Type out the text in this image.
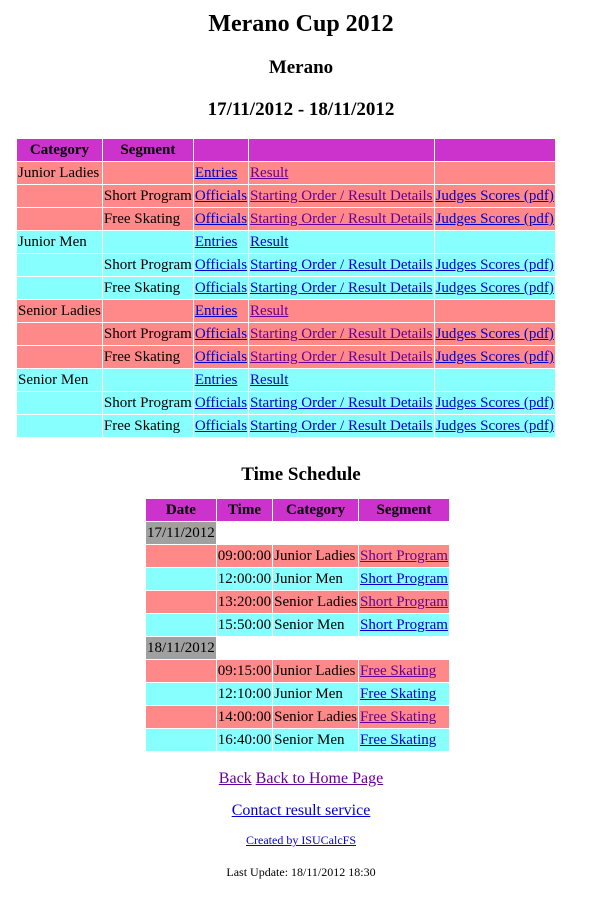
Merano Cup 2012
Merano
17/11/2012 - 18/11/2012
Category	Segment			
Junior Ladies		Entries	Result	
	Short Program	Officials	Starting Order / Result Details	Judges Scores (pdf)
	Free Skating	Officials	Starting Order / Result Details	Judges Scores (pdf)
Junior Men		Entries	Result	
	Short Program	Officials	Starting Order / Result Details	Judges Scores (pdf)
	Free Skating	Officials	Starting Order / Result Details	Judges Scores (pdf)
Senior Ladies		Entries	Result	
	Short Program	Officials	Starting Order / Result Details	Judges Scores (pdf)
	Free Skating	Officials	Starting Order / Result Details	Judges Scores (pdf)
Senior Men		Entries	Result	
	Short Program	Officials	Starting Order / Result Details	Judges Scores (pdf)
	Free Skating	Officials	Starting Order / Result Details	Judges Scores (pdf)
Time Schedule
Date	Time	Category	Segment
17/11/2012			
	09:00:00	Junior Ladies	Short Program
	12:00:00	Junior Men	Short Program
	13:20:00	Senior Ladies	Short Program
	15:50:00	Senior Men	Short Program
18/11/2012			
	09:15:00	Junior Ladies	Free Skating
	12:10:00	Junior Men	Free Skating
	14:00:00	Senior Ladies	Free Skating
	16:40:00	Senior Men	Free Skating
Back Back to Home Page
Contact result service
Created by ISUCalcFS
Last Update: 18/11/2012 18:30
